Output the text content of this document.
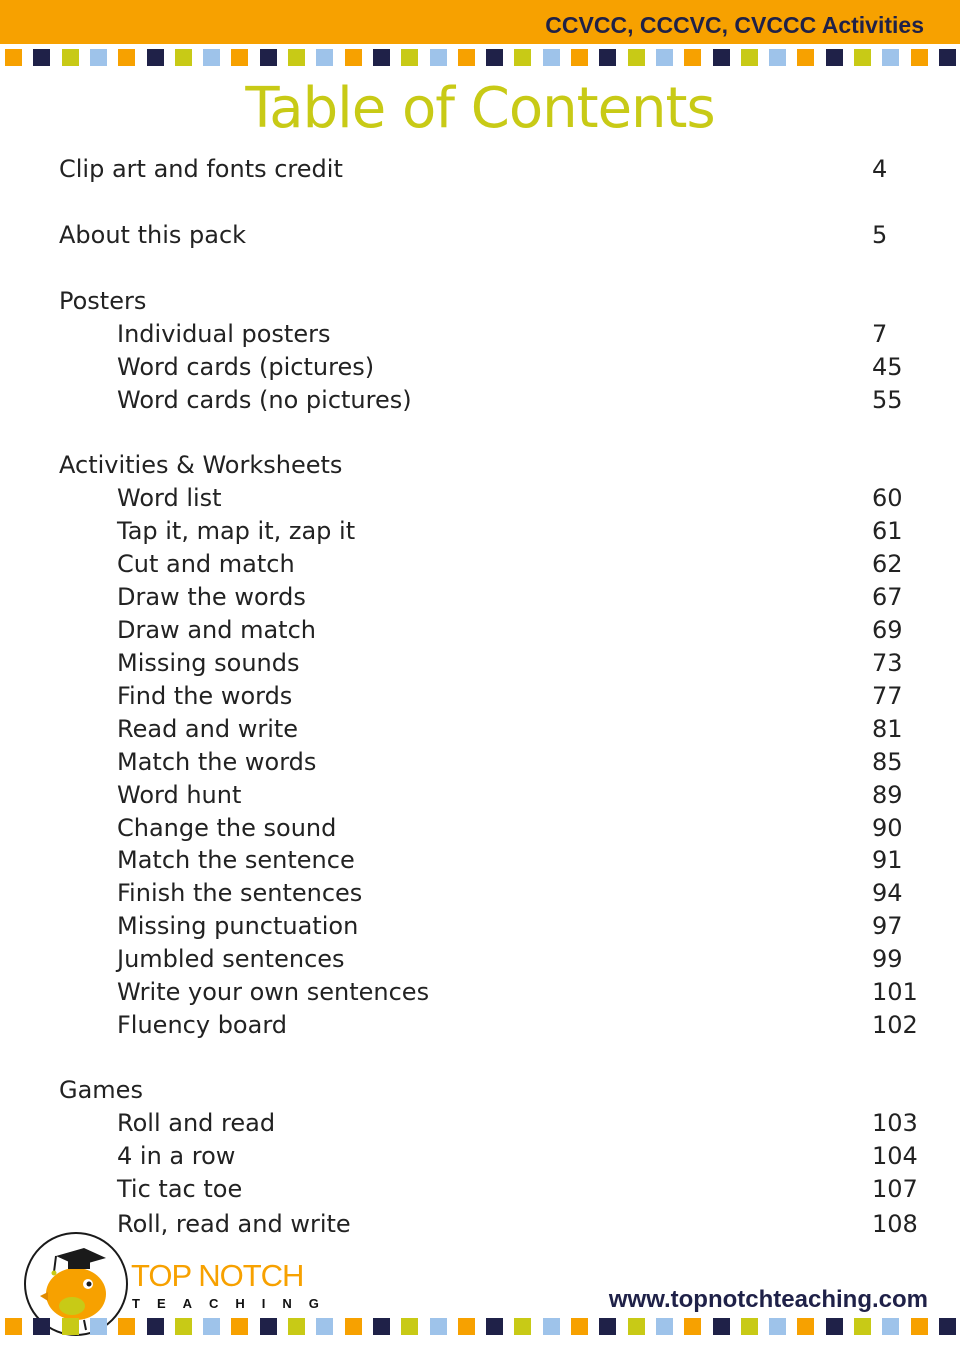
CCVCC, CCCVC, CVCCC Activities
Table of Contents
Clip art and fonts credit	4
About this pack	5
Posters
Individual posters	7
Word cards (pictures)	45
Word cards (no pictures)	55
Activities & Worksheets
Word list	60
Tap it, map it, zap it	61
Cut and match	62
Draw the words	67
Draw and match	69
Missing sounds	73
Find the words	77
Read and write	81
Match the words	85
Word hunt	89
Change the sound	90
Match the sentence	91
Finish the sentences	94
Missing punctuation	97
Jumbled sentences	99
Write your own sentences	101
Fluency board	102
Games
Roll and read	103
4 in a row	104
Tic tac toe	107
Roll, read and write	108
TOP NOTCH
TEACHING	www.topnotchteaching.com
